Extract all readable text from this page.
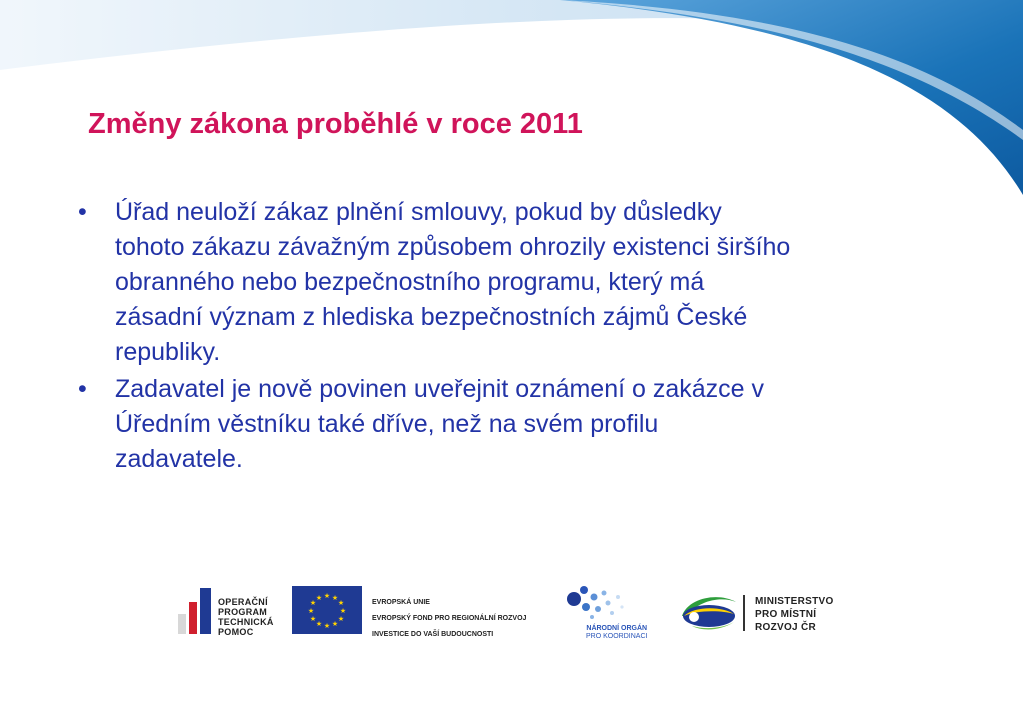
Změny zákona proběhlé v roce 2011
• Úřad neuloží zákaz plnění smlouvy, pokud by důsledky
tohoto zákazu závažným způsobem ohrozily existenci širšího
obranného nebo bezpečnostního programu, který má
zásadní význam z hlediska bezpečnostních zájmů České
republiky.
• Zadavatel je nově povinen uveřejnit oznámení o zakázce v
Úředním věstníku také dříve, než na svém profilu
zadavatele.
OPERAČNÍ
PROGRAM
TECHNICKÁ
POMOC
★ ★
★
★
★
★
★
★
★
★
★
★
EVROPSKÁ UNIE
EVROPSKÝ FOND PRO REGIONÁLNÍ ROZVOJ
INVESTICE DO VAŠÍ BUDOUCNOSTI
NÁRODNÍ ORGÁN
PRO KOORDINACI
MINISTERSTVO
PRO MÍSTNÍ
ROZVOJ ČR
